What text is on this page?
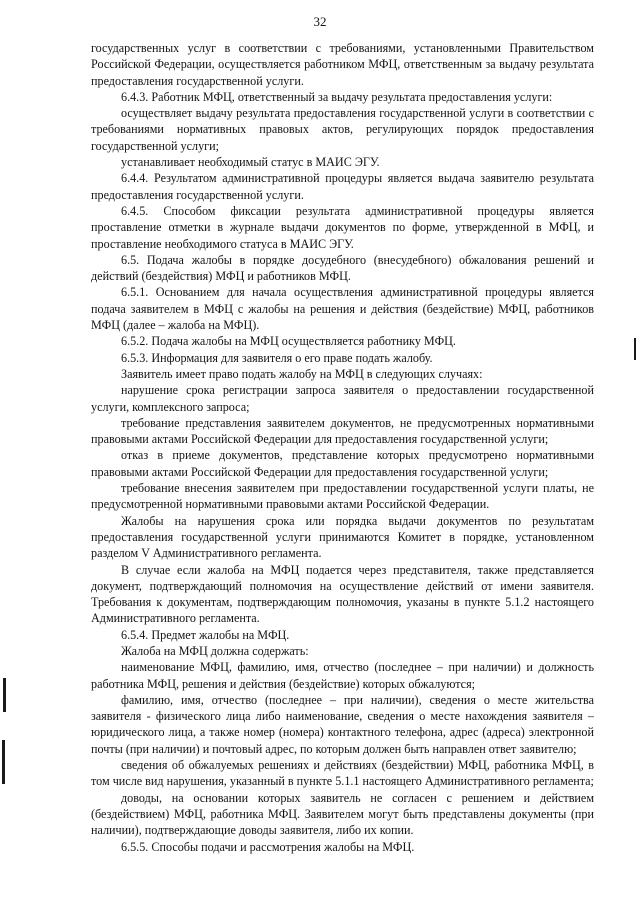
32

государственных услуг в соответствии с требованиями, установленными Правительством Российской Федерации, осуществляется работником МФЦ, ответственным за выдачу результата предоставления государственной услуги.

6.4.3. Работник МФЦ, ответственный за выдачу результата предоставления услуги:

осуществляет выдачу результата предоставления государственной услуги в соответствии с требованиями нормативных правовых актов, регулирующих порядок предоставления государственной услуги;

устанавливает необходимый статус в МАИС ЭГУ.

6.4.4. Результатом административной процедуры является выдача заявителю результата предоставления государственной услуги.

6.4.5. Способом фиксации результата административной процедуры является проставление отметки в журнале выдачи документов по форме, утвержденной в МФЦ, и проставление необходимого статуса в МАИС ЭГУ.

6.5. Подача жалобы в порядке досудебного (внесудебного) обжалования решений и действий (бездействия) МФЦ и работников МФЦ.

6.5.1. Основанием для начала осуществления административной процедуры является подача заявителем в МФЦ с жалобы на решения и действия (бездействие) МФЦ, работников МФЦ (далее – жалоба на МФЦ).

6.5.2. Подача жалобы на МФЦ осуществляется работнику МФЦ.

6.5.3. Информация для заявителя о его праве подать жалобу.

Заявитель имеет право подать жалобу на МФЦ в следующих случаях:

нарушение срока регистрации запроса заявителя о предоставлении государственной услуги, комплексного запроса;

требование представления заявителем документов, не предусмотренных нормативными правовыми актами Российской Федерации для предоставления государственной услуги;

отказ в приеме документов, представление которых предусмотрено нормативными правовыми актами Российской Федерации для предоставления государственной услуги;

требование внесения заявителем при предоставлении государственной услуги платы, не предусмотренной нормативными правовыми актами Российской Федерации.

Жалобы на нарушения срока или порядка выдачи документов по результатам предоставления государственной услуги принимаются Комитет в порядке, установленном разделом V Административного регламента.

В случае если жалоба на МФЦ подается через представителя, также представляется документ, подтверждающий полномочия на осуществление действий от имени заявителя. Требования к документам, подтверждающим полномочия, указаны в пункте 5.1.2 настоящего Административного регламента.

6.5.4. Предмет жалобы на МФЦ.

Жалоба на МФЦ должна содержать:

наименование МФЦ, фамилию, имя, отчество (последнее – при наличии) и должность работника МФЦ, решения и действия (бездействие) которых обжалуются;

фамилию, имя, отчество (последнее – при наличии), сведения о месте жительства заявителя - физического лица либо наименование, сведения о месте нахождения заявителя – юридического лица, а также номер (номера) контактного телефона, адрес (адреса) электронной почты (при наличии) и почтовый адрес, по которым должен быть направлен ответ заявителю;

сведения об обжалуемых решениях и действиях (бездействии) МФЦ, работника МФЦ, в том числе вид нарушения, указанный в пункте 5.1.1 настоящего Административного регламента;

доводы, на основании которых заявитель не согласен с решением и действием (бездействием) МФЦ, работника МФЦ. Заявителем могут быть представлены документы (при наличии), подтверждающие доводы заявителя, либо их копии.

6.5.5. Способы подачи и рассмотрения жалобы на МФЦ.
